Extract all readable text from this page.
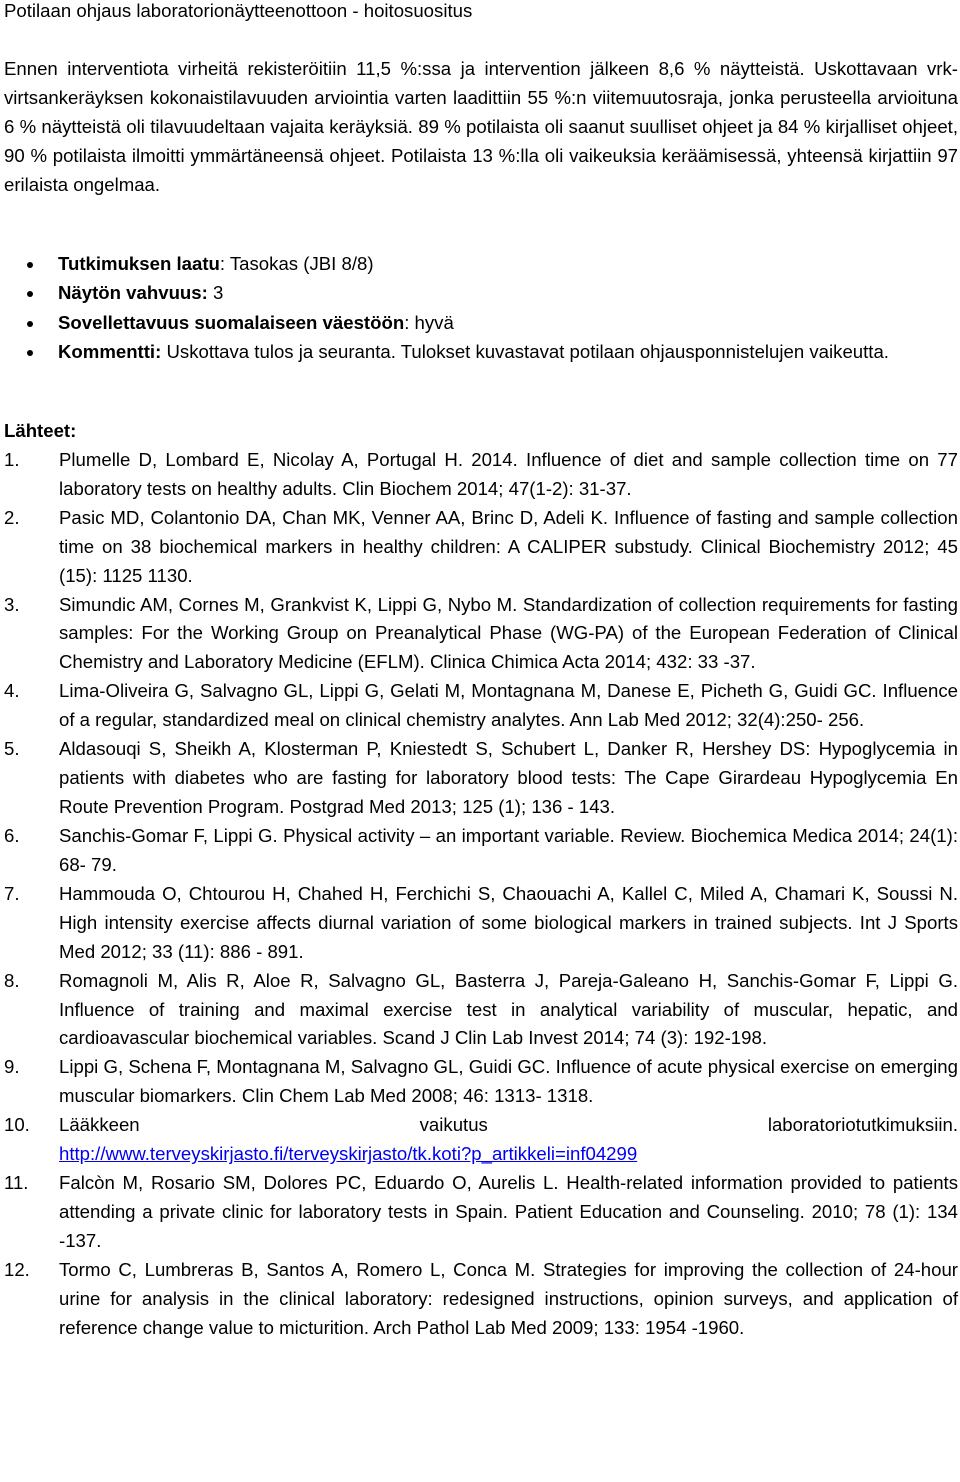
Potilaan ohjaus laboratorionäytteenottoon - hoitosuositus
Ennen interventiota virheitä rekisteröitiin 11,5 %:ssa ja intervention jälkeen 8,6 % näytteistä. Uskottavaan vrk-virtsankeräyksen kokonaistilavuuden arviointia varten laadittiin 55 %:n viitemuutosraja, jonka perusteella arvioituna 6 % näytteistä oli tilavuudeltaan vajaita keräyksiä. 89 % potilaista oli saanut suulliset ohjeet ja 84 % kirjalliset ohjeet, 90 % potilaista ilmoitti ymmärtäneensä ohjeet. Potilaista 13 %:lla oli vaikeuksia keräämisessä, yhteensä kirjattiin 97 erilaista ongelmaa.
Tutkimuksen laatu: Tasokas (JBI 8/8)
Näytön vahvuus: 3
Sovellettavuus suomalaiseen väestöön: hyvä
Kommentti: Uskottava tulos ja seuranta. Tulokset kuvastavat potilaan ohjausponnistelujen vaikeutta.
Lähteet:
1. Plumelle D, Lombard E, Nicolay A, Portugal H. 2014. Influence of diet and sample collection time on 77 laboratory tests on healthy adults. Clin Biochem 2014; 47(1-2): 31-37.
2. Pasic MD, Colantonio DA, Chan MK, Venner AA, Brinc D, Adeli K. Influence of fasting and sample collection time on 38 biochemical markers in healthy children: A CALIPER substudy. Clinical Biochemistry 2012; 45 (15): 1125 1130.
3. Simundic AM, Cornes M, Grankvist K, Lippi G, Nybo M. Standardization of collection requirements for fasting samples: For the Working Group on Preanalytical Phase (WG-PA) of the European Federation of Clinical Chemistry and Laboratory Medicine (EFLM). Clinica Chimica Acta 2014; 432: 33 -37.
4. Lima-Oliveira G, Salvagno GL, Lippi G, Gelati M, Montagnana M, Danese E, Picheth G, Guidi GC. Influence of a regular, standardized meal on clinical chemistry analytes. Ann Lab Med 2012; 32(4):250- 256.
5. Aldasouqi S, Sheikh A, Klosterman P, Kniestedt S, Schubert L, Danker R, Hershey DS: Hypoglycemia in patients with diabetes who are fasting for laboratory blood tests: The Cape Girardeau Hypoglycemia En Route Prevention Program. Postgrad Med 2013; 125 (1); 136 - 143.
6. Sanchis-Gomar F, Lippi G. Physical activity – an important variable. Review. Biochemica Medica 2014; 24(1): 68- 79.
7. Hammouda O, Chtourou H, Chahed H, Ferchichi S, Chaouachi A, Kallel C, Miled A, Chamari K, Soussi N. High intensity exercise affects diurnal variation of some biological markers in trained subjects. Int J Sports Med 2012; 33 (11): 886 - 891.
8. Romagnoli M, Alis R, Aloe R, Salvagno GL, Basterra J, Pareja-Galeano H, Sanchis-Gomar F, Lippi G. Influence of training and maximal exercise test in analytical variability of muscular, hepatic, and cardioavascular biochemical variables. Scand J Clin Lab Invest 2014; 74 (3): 192-198.
9. Lippi G, Schena F, Montagnana M, Salvagno GL, Guidi GC. Influence of acute physical exercise on emerging muscular biomarkers. Clin Chem Lab Med 2008; 46: 1313- 1318.
10. Lääkkeen vaikutus laboratoriotutkimuksiin.
http://www.terveyskirjasto.fi/terveyskirjasto/tk.koti?p_artikkeli=inf04299
11. Falcòn M, Rosario SM, Dolores PC, Eduardo O, Aurelis L. Health-related information provided to patients attending a private clinic for laboratory tests in Spain. Patient Education and Counseling. 2010; 78 (1): 134 -137.
12. Tormo C, Lumbreras B, Santos A, Romero L, Conca M. Strategies for improving the collection of 24-hour urine for analysis in the clinical laboratory: redesigned instructions, opinion surveys, and application of reference change value to micturition. Arch Pathol Lab Med 2009; 133: 1954 -1960.
